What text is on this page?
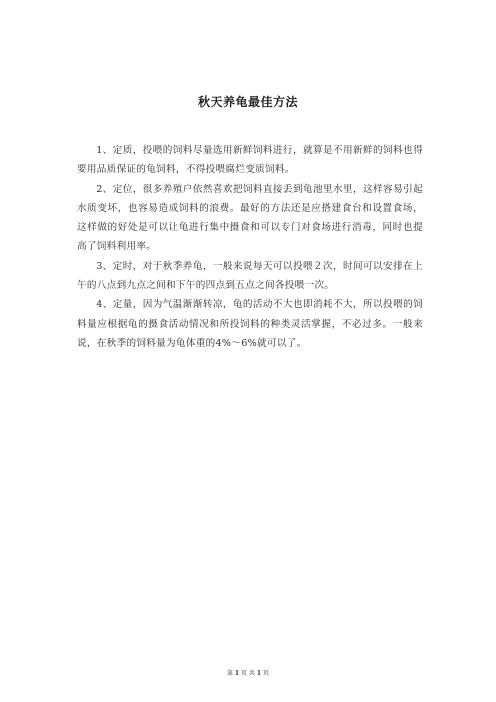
秋天养龟最佳方法

1、定质，投喂的饲料尽量选用新鲜饲料进行，就算是不用新鲜的饲料也得要用品质保证的龟饲料，不得投喂腐烂变质饲料。

2、定位，很多养殖户依然喜欢把饲料直接丢到龟池里水里，这样容易引起水质变坏，也容易造成饲料的浪费。最好的方法还是应搭建食台和设置食场，这样做的好处是可以让龟进行集中摄食和可以专门对食场进行消毒，同时也提高了饲料利用率。

3、定时，对于秋季养龟，一般来说每天可以投喂２次，时间可以安排在上午的八点到九点之间和下午的四点到五点之间各投喂一次。

4、定量，因为气温渐渐转凉，龟的活动不大也即消耗不大，所以投喂的饲料量应根据龟的摄食活动情况和所投饲料的种类灵活掌握，不必过多。一般来说，在秋季的饲料量为龟体重的4%～6%就可以了。

第 1 页 共 1 页
